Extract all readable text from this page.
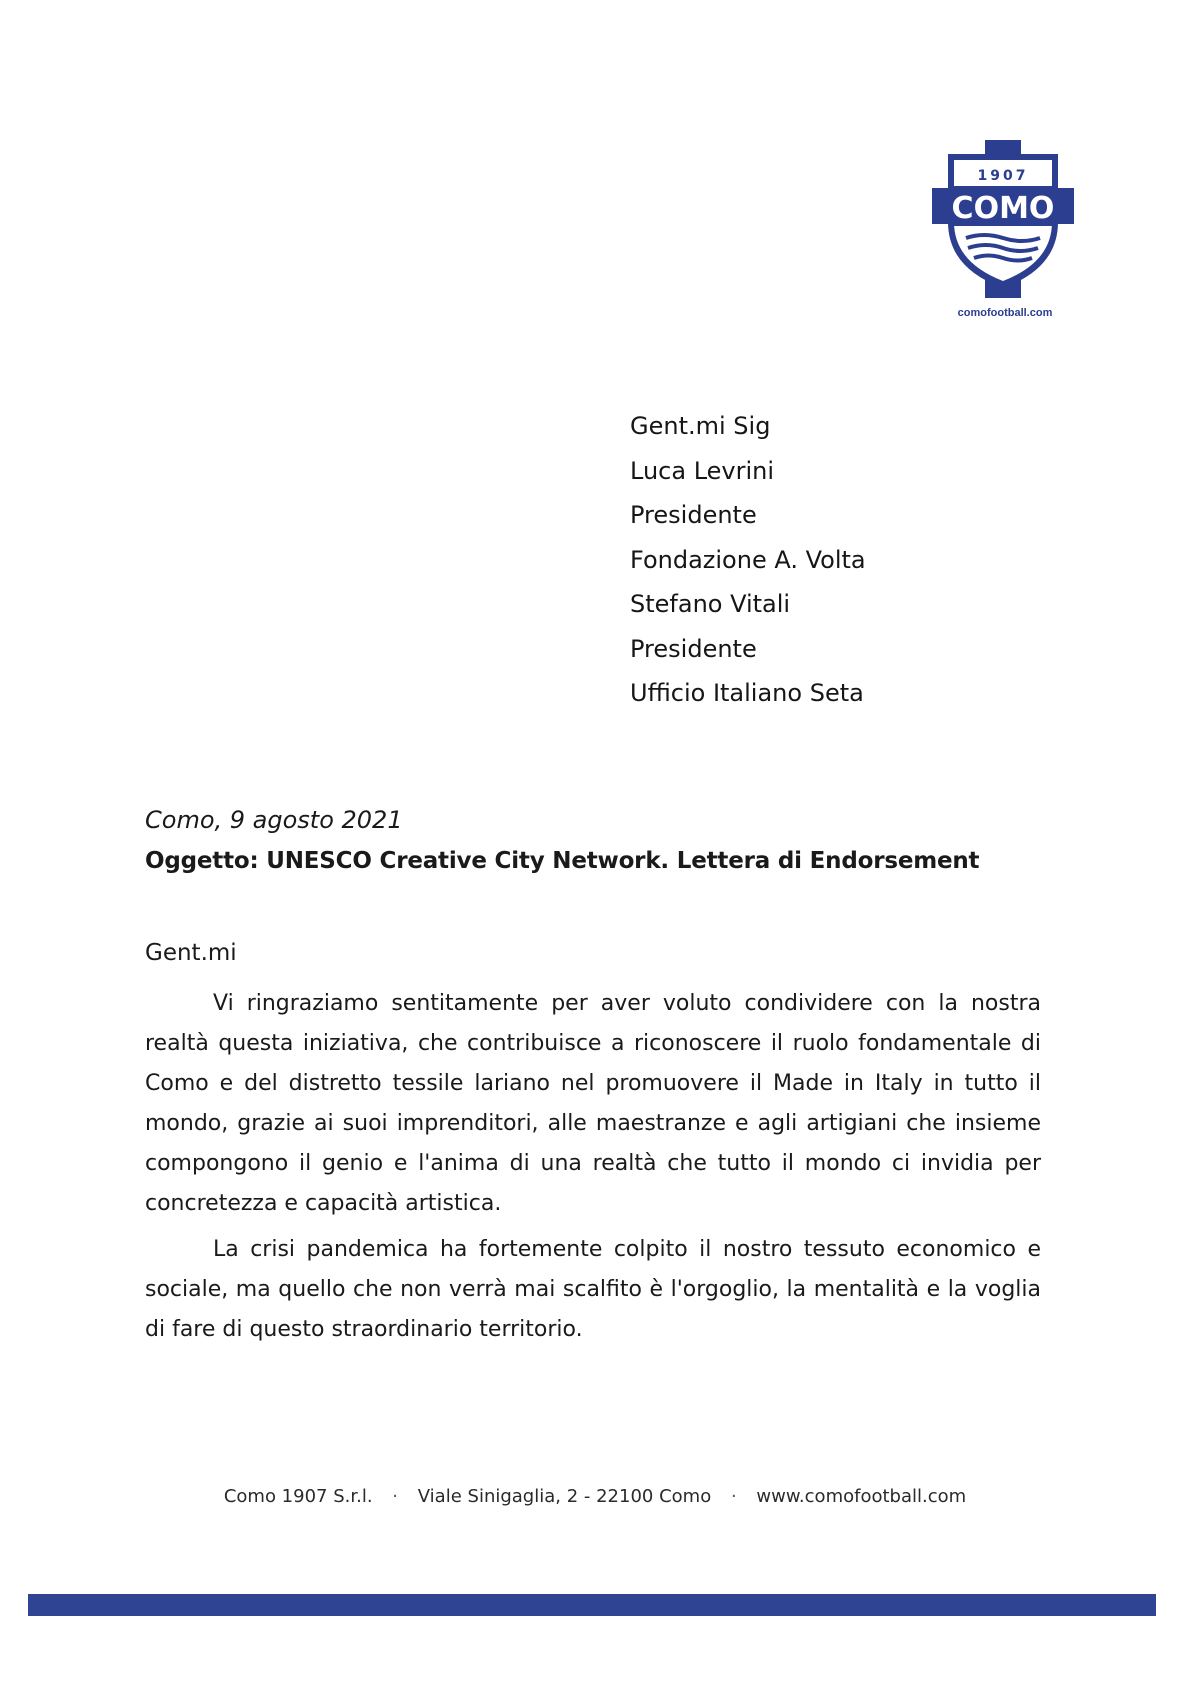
COMO
1907
comofootball.com
Gent.mi Sig
Luca Levrini
Presidente
Fondazione A. Volta
Stefano Vitali
Presidente
Ufficio Italiano Seta
Como, 9 agosto 2021
Oggetto: UNESCO Creative City Network. Lettera di Endorsement
Gent.mi

Vi ringraziamo sentitamente per aver voluto condividere con la nostra realtà questa iniziativa, che contribuisce a riconoscere il ruolo fondamentale di Como e del distretto tessile lariano nel promuovere il Made in Italy in tutto il mondo, grazie ai suoi imprenditori, alle maestranze e agli artigiani che insieme compongono il genio e l'anima di una realtà che tutto il mondo ci invidia per concretezza e capacità artistica.

La crisi pandemica ha fortemente colpito il nostro tessuto economico e sociale, ma quello che non verrà mai scalfito è l'orgoglio, la mentalità e la voglia di fare di questo straordinario territorio.

Como 1907 S.r.l. · Viale Sinigaglia, 2 - 22100 Como · www.comofootball.com
